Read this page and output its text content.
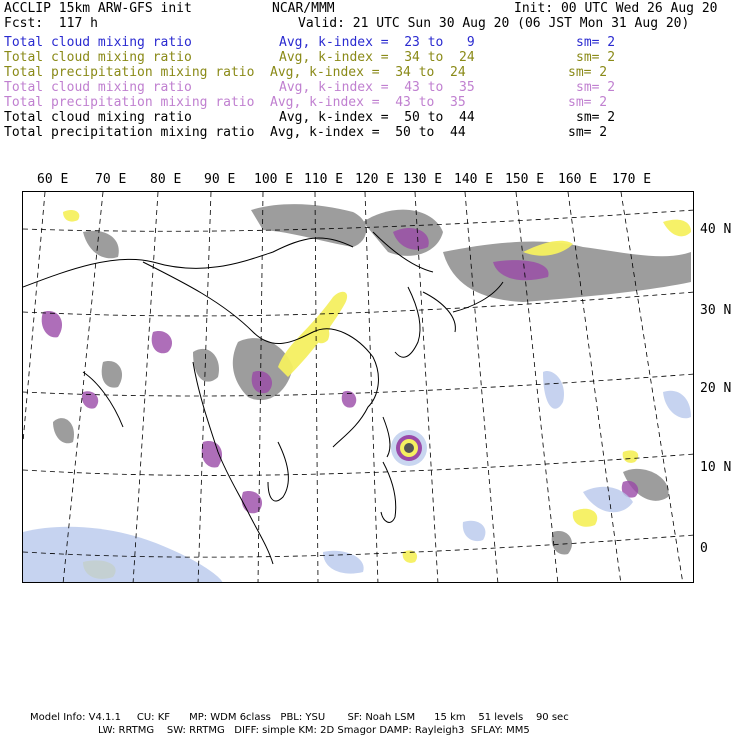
ACCLIP 15km ARW-GFS init	NCAR/MMM	Init: 00 UTC Wed 26 Aug 20
Fcst:  117 h	Valid: 21 UTC Sun 30 Aug 20 (06 JST Mon 31 Aug 20)
Total cloud mixing ratio	Avg, k-index =  23 to   9	sm= 2
Total cloud mixing ratio	Avg, k-index =  34 to  24	sm= 2
Total precipitation mixing ratio Avg, k-index =  34 to  24	sm= 2
Total cloud mixing ratio	Avg, k-index =  43 to  35	sm= 2
Total precipitation mixing ratio Avg, k-index =  43 to  35	sm= 2
Total cloud mixing ratio	Avg, k-index =  50 to  44	sm= 2
Total precipitation mixing ratio Avg, k-index =  50 to  44	sm= 2
60 E 70 E 80 E 90 E 100 E 110 E 120 E 130 E 140 E 150 E 160 E 170 E
40 N
30 N
20 N
10 N
0
Model Info: V4.1.1     CU: KF      MP: WDM 6class   PBL: YSU       SF: Noah LSM      15 km    51 levels    90 sec
LW: RRTMG    SW: RRTMG   DIFF: simple KM: 2D Smagor DAMP: Rayleigh3  SFLAY: MM5
